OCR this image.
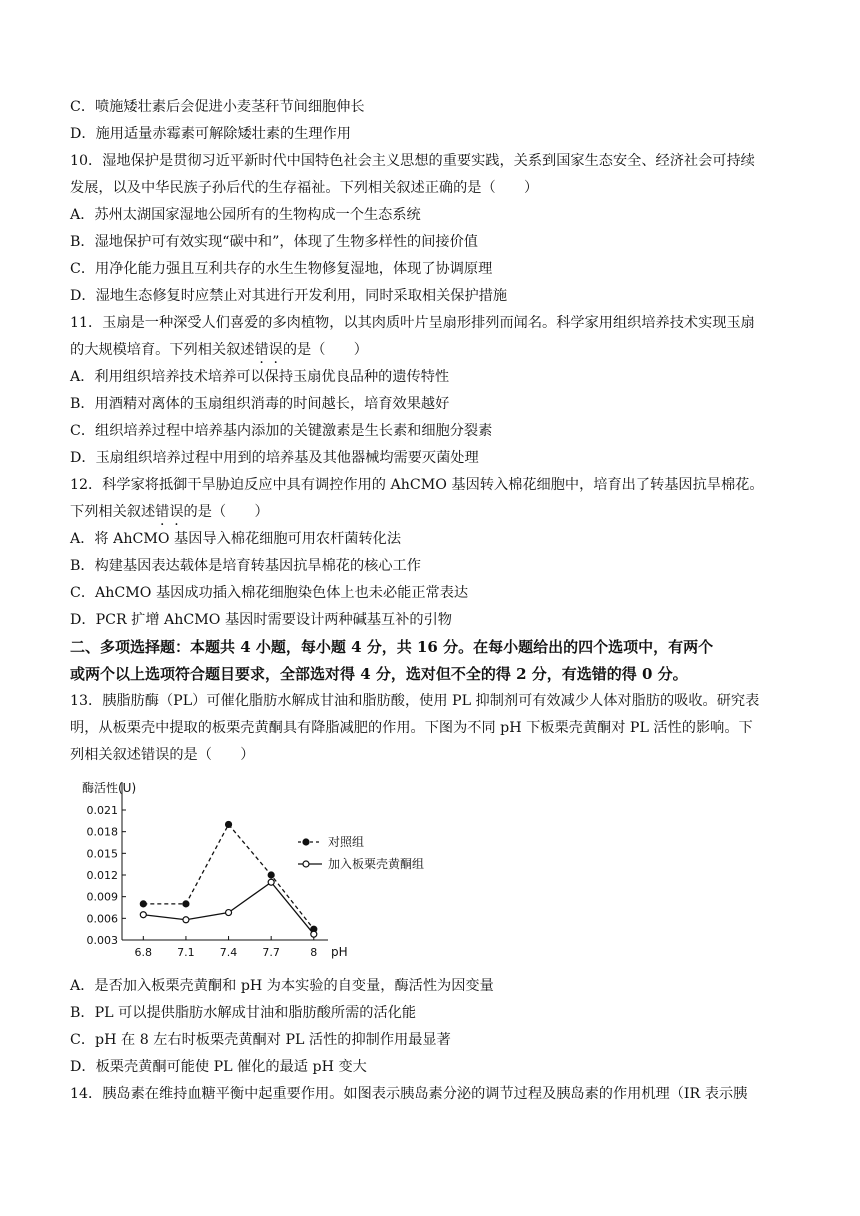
C．喷施矮壮素后会促进小麦茎秆节间细胞伸长
D．施用适量赤霉素可解除矮壮素的生理作用
10．湿地保护是贯彻习近平新时代中国特色社会主义思想的重要实践，关系到国家生态安全、经济社会可持续
发展，以及中华民族子孙后代的生存福祉。下列相关叙述正确的是（　　）
A．苏州太湖国家湿地公园所有的生物构成一个生态系统
B．湿地保护可有效实现“碳中和”，体现了生物多样性的间接价值
C．用净化能力强且互利共存的水生生物修复湿地，体现了协调原理
D．湿地生态修复时应禁止对其进行开发利用，同时采取相关保护措施
11．玉扇是一种深受人们喜爱的多肉植物，以其肉质叶片呈扇形排列而闻名。科学家用组织培养技术实现玉扇
的大规模培育。下列相关叙述错误的是（　　）
A．利用组织培养技术培养可以保持玉扇优良品种的遗传特性
B．用酒精对离体的玉扇组织消毒的时间越长，培育效果越好
C．组织培养过程中培养基内添加的关键激素是生长素和细胞分裂素
D．玉扇组织培养过程中用到的培养基及其他器械均需要灭菌处理
12．科学家将抵御干旱胁迫反应中具有调控作用的 AhCMO 基因转入棉花细胞中，培育出了转基因抗旱棉花。
下列相关叙述错误的是（　　）
A．将 AhCMO 基因导入棉花细胞可用农杆菌转化法
B．构建基因表达载体是培育转基因抗旱棉花的核心工作
C．AhCMO 基因成功插入棉花细胞染色体上也未必能正常表达
D．PCR 扩增 AhCMO 基因时需要设计两种碱基互补的引物
二、多项选择题：本题共 4 小题，每小题 4 分，共 16 分。在每小题给出的四个选项中，有两个
或两个以上选项符合题目要求，全部选对得 4 分，选对但不全的得 2 分，有选错的得 0 分。
13．胰脂肪酶（PL）可催化脂肪水解成甘油和脂肪酸，使用 PL 抑制剂可有效减少人体对脂肪的吸收。研究表
明，从板栗壳中提取的板栗壳黄酮具有降脂减肥的作用。下图为不同 pH 下板栗壳黄酮对 PL 活性的影响。下
列相关叙述错误的是（　　）
酶活性(U)
pH
0.003
0.006
0.009
0.012
0.015
0.018
0.021
6.8 7.1 7.4 7.7	8
对照组
加入板栗壳黄酮组
A．是否加入板栗壳黄酮和 pH 为本实验的自变量，酶活性为因变量
B．PL 可以提供脂肪水解成甘油和脂肪酸所需的活化能
C．pH 在 8 左右时板栗壳黄酮对 PL 活性的抑制作用最显著
D．板栗壳黄酮可能使 PL 催化的最适 pH 变大
14．胰岛素在维持血糖平衡中起重要作用。如图表示胰岛素分泌的调节过程及胰岛素的作用机理（IR 表示胰
